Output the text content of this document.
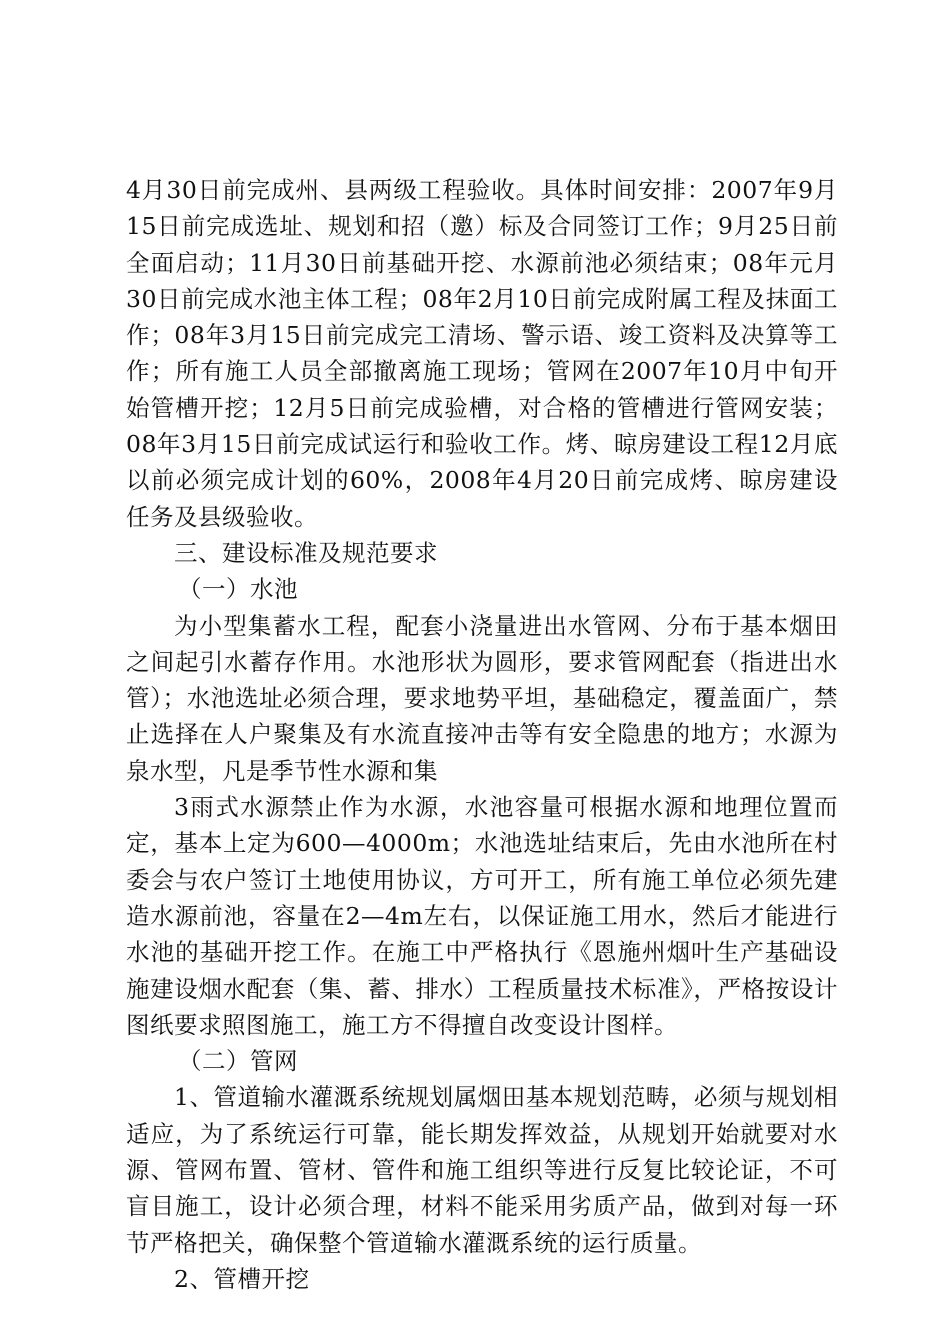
4月30日前完成州、县两级工程验收。具体时间安排：2007年9月15日前完成选址、规划和招（邀）标及合同签订工作；9月25日前全面启动；11月30日前基础开挖、水源前池必须结束；08年元月30日前完成水池主体工程；08年2月10日前完成附属工程及抹面工作；08年3月15日前完成完工清场、警示语、竣工资料及决算等工作；所有施工人员全部撤离施工现场；管网在2007年10月中旬开始管槽开挖；12月5日前完成验槽，对合格的管槽进行管网安装；08年3月15日前完成试运行和验收工作。烤、晾房建设工程12月底以前必须完成计划的60%，2008年4月20日前完成烤、晾房建设任务及县级验收。

三、建设标准及规范要求

（一）水池

为小型集蓄水工程，配套小浇量进出水管网、分布于基本烟田之间起引水蓄存作用。水池形状为圆形，要求管网配套（指进出水管）；水池选址必须合理，要求地势平坦，基础稳定，覆盖面广，禁止选择在人户聚集及有水流直接冲击等有安全隐患的地方；水源为泉水型，凡是季节性水源和集

3雨式水源禁止作为水源，水池容量可根据水源和地理位置而定，基本上定为600—4000m；水池选址结束后，先由水池所在村委会与农户签订土地使用协议，方可开工，所有施工单位必须先建造水源前池，容量在2—4m左右，以保证施工用水，然后才能进行水池的基础开挖工作。在施工中严格执行《恩施州烟叶生产基础设施建设烟水配套（集、蓄、排水）工程质量技术标准》，严格按设计图纸要求照图施工，施工方不得擅自改变设计图样。

（二）管网

1、管道输水灌溉系统规划属烟田基本规划范畴，必须与规划相适应，为了系统运行可靠，能长期发挥效益，从规划开始就要对水源、管网布置、管材、管件和施工组织等进行反复比较论证，不可盲目施工，设计必须合理，材料不能采用劣质产品，做到对每一环节严格把关，确保整个管道输水灌溉系统的运行质量。

2、管槽开挖
